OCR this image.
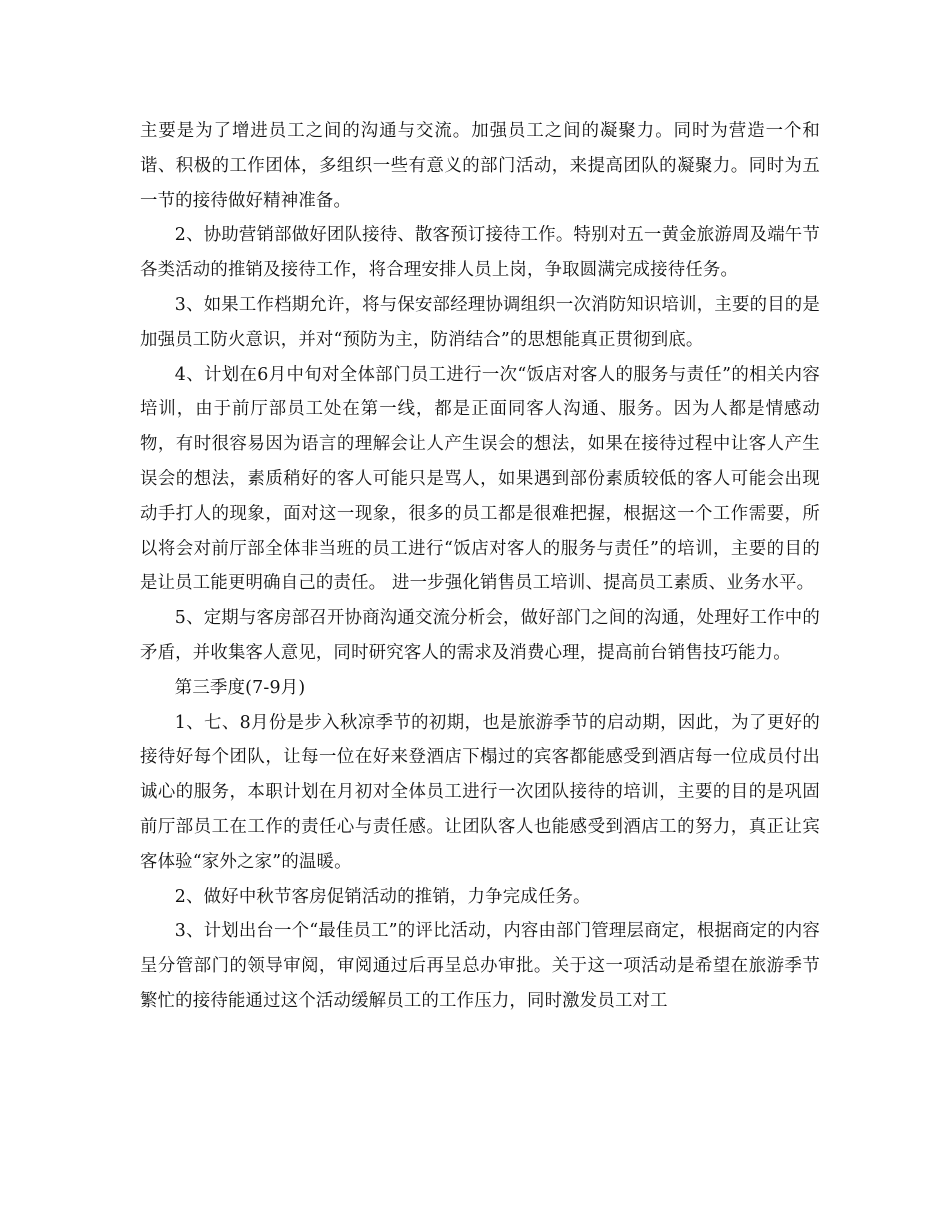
主要是为了增进员工之间的沟通与交流。加强员工之间的凝聚力。同时为营造一个和谐、积极的工作团体，多组织一些有意义的部门活动，来提高团队的凝聚力。同时为五一节的接待做好精神准备。

2、协助营销部做好团队接待、散客预订接待工作。特别对五一黄金旅游周及端午节各类活动的推销及接待工作，将合理安排人员上岗，争取圆满完成接待任务。

3、如果工作档期允许，将与保安部经理协调组织一次消防知识培训，主要的目的是加强员工防火意识，并对“预防为主，防消结合”的思想能真正贯彻到底。

4、计划在6月中旬对全体部门员工进行一次“饭店对客人的服务与责任”的相关内容培训，由于前厅部员工处在第一线，都是正面同客人沟通、服务。因为人都是情感动物，有时很容易因为语言的理解会让人产生误会的想法，如果在接待过程中让客人产生误会的想法，素质稍好的客人可能只是骂人，如果遇到部份素质较低的客人可能会出现动手打人的现象，面对这一现象，很多的员工都是很难把握，根据这一个工作需要，所以将会对前厅部全体非当班的员工进行“饭店对客人的服务与责任”的培训，主要的目的是让员工能更明确自己的责任。 进一步强化销售员工培训、提高员工素质、业务水平。

5、定期与客房部召开协商沟通交流分析会，做好部门之间的沟通，处理好工作中的矛盾，并收集客人意见，同时研究客人的需求及消费心理，提高前台销售技巧能力。

第三季度(7-9月)

1、七、8月份是步入秋凉季节的初期，也是旅游季节的启动期，因此，为了更好的接待好每个团队，让每一位在好来登酒店下榻过的宾客都能感受到酒店每一位成员付出诚心的服务，本职计划在月初对全体员工进行一次团队接待的培训，主要的目的是巩固前厅部员工在工作的责任心与责任感。让团队客人也能感受到酒店工的努力，真正让宾客体验“家外之家”的温暖。

2、做好中秋节客房促销活动的推销，力争完成任务。

3、计划出台一个“最佳员工”的评比活动，内容由部门管理层商定，根据商定的内容呈分管部门的领导审阅，审阅通过后再呈总办审批。关于这一项活动是希望在旅游季节繁忙的接待能通过这个活动缓解员工的工作压力，同时激发员工对工
